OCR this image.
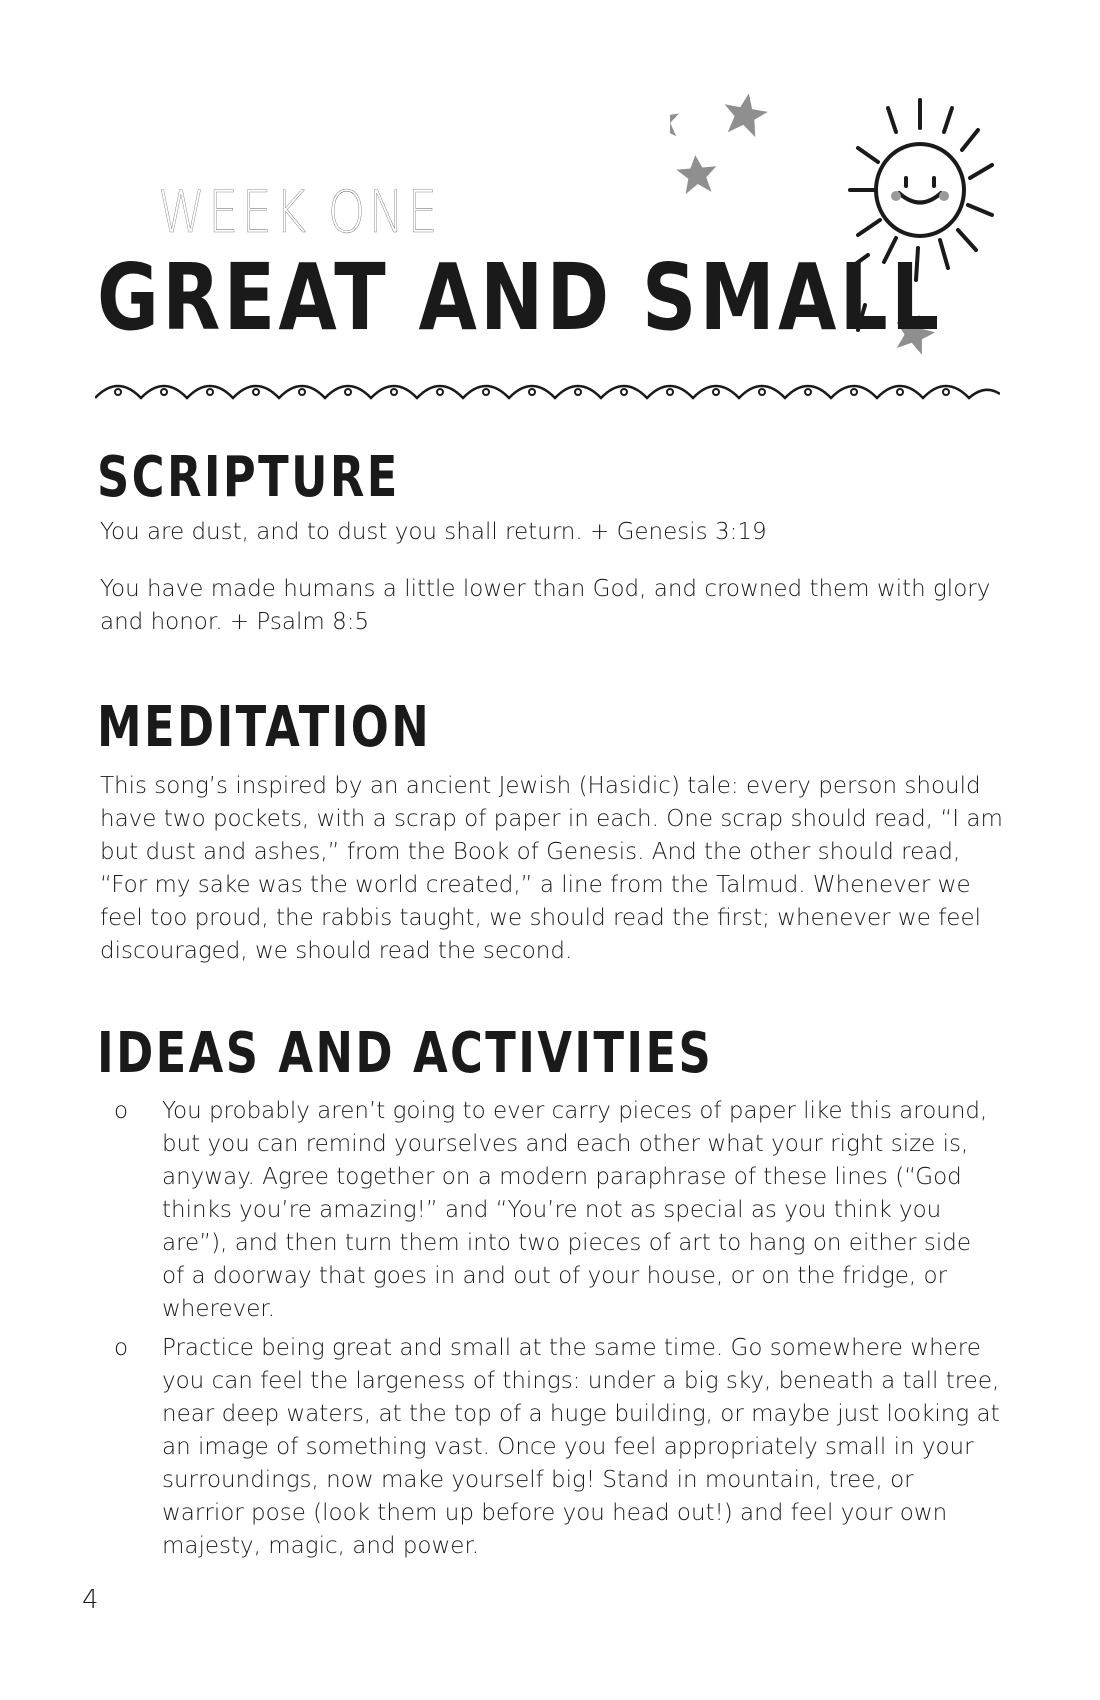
WEEK ONE
GREAT AND SMALL
SCRIPTURE
You are dust, and to dust you shall return. + Genesis 3:19
You have made humans a little lower than God, and crowned them with glory and honor. + Psalm 8:5
MEDITATION
This song’s inspired by an ancient Jewish (Hasidic) tale: every person should have two pockets, with a scrap of paper in each. One scrap should read, “I am but dust and ashes,” from the Book of Genesis. And the other should read, “For my sake was the world created,” a line from the Talmud. Whenever we feel too proud, the rabbis taught, we should read the first; whenever we feel discouraged, we should read the second.
IDEAS AND ACTIVITIES
o	You probably aren’t going to ever carry pieces of paper like this around, but you can remind yourselves and each other what your right size is, anyway. Agree together on a modern paraphrase of these lines (“God thinks you’re amazing!” and “You’re not as special as you think you are”), and then turn them into two pieces of art to hang on either side of a doorway that goes in and out of your house, or on the fridge, or wherever.
o	Practice being great and small at the same time. Go somewhere where you can feel the largeness of things: under a big sky, beneath a tall tree, near deep waters, at the top of a huge building, or maybe just looking at an image of something vast. Once you feel appropriately small in your surroundings, now make yourself big! Stand in mountain, tree, or warrior pose (look them up before you head out!) and feel your own majesty, magic, and power.
4
